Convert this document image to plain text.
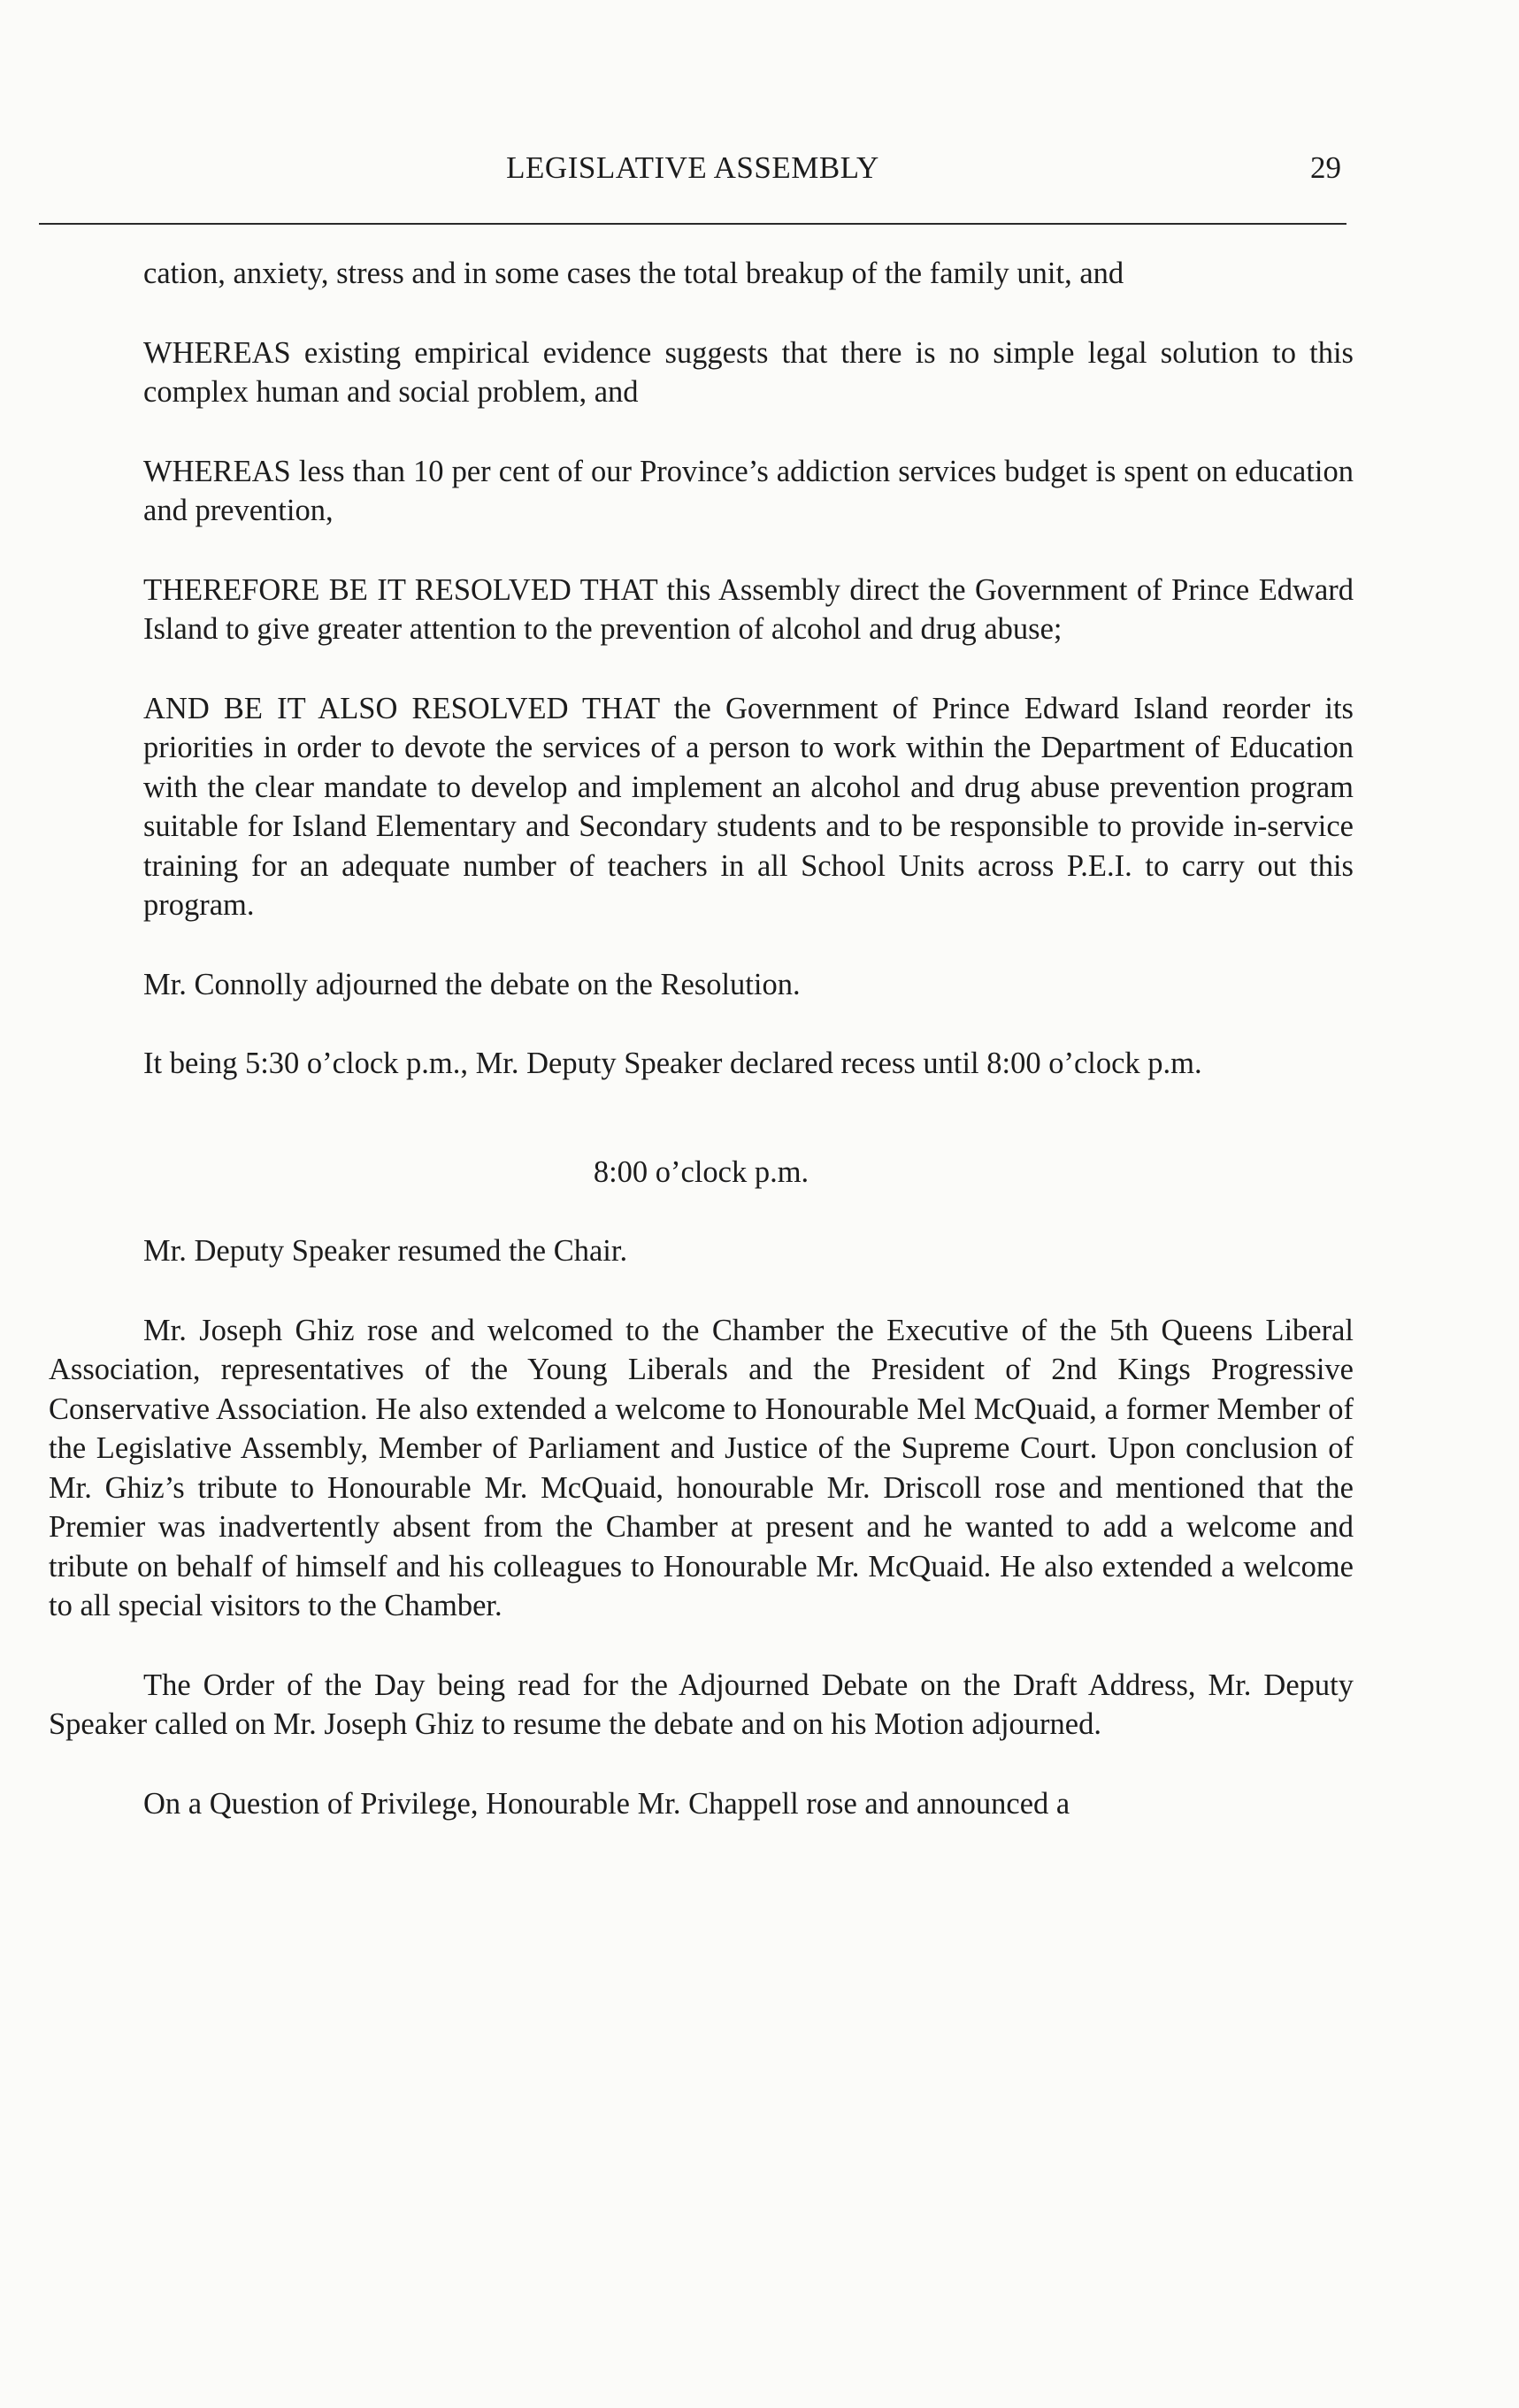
LEGISLATIVE ASSEMBLY	29

cation, anxiety, stress and in some cases the total breakup of the family unit, and

WHEREAS existing empirical evidence suggests that there is no simple legal solution to this complex human and social problem, and

WHEREAS less than 10 per cent of our Province’s addiction services budget is spent on education and prevention,

THEREFORE BE IT RESOLVED THAT this Assembly direct the Government of Prince Edward Island to give greater attention to the prevention of alcohol and drug abuse;

AND BE IT ALSO RESOLVED THAT the Government of Prince Edward Island reorder its priorities in order to devote the services of a person to work within the Department of Education with the clear mandate to develop and implement an alcohol and drug abuse prevention program suitable for Island Elementary and Secondary students and to be responsible to provide in-service training for an adequate number of teachers in all School Units across P.E.I. to carry out this program.

Mr. Connolly adjourned the debate on the Resolution.

It being 5:30 o’clock p.m., Mr. Deputy Speaker declared recess until 8:00 o’clock p.m.

8:00 o’clock p.m.

Mr. Deputy Speaker resumed the Chair.

Mr. Joseph Ghiz rose and welcomed to the Chamber the Executive of the 5th Queens Liberal Association, representatives of the Young Liberals and the President of 2nd Kings Progressive Conservative Association. He also extended a welcome to Honourable Mel McQuaid, a former Member of the Legislative Assembly, Member of Parliament and Justice of the Supreme Court. Upon conclusion of Mr. Ghiz’s tribute to Honourable Mr. McQuaid, honourable Mr. Driscoll rose and mentioned that the Premier was inadvertently absent from the Chamber at present and he wanted to add a welcome and tribute on behalf of himself and his colleagues to Honourable Mr. McQuaid. He also extended a welcome to all special visitors to the Chamber.

The Order of the Day being read for the Adjourned Debate on the Draft Address, Mr. Deputy Speaker called on Mr. Joseph Ghiz to resume the debate and on his Motion adjourned.

On a Question of Privilege, Honourable Mr. Chappell rose and announced a
